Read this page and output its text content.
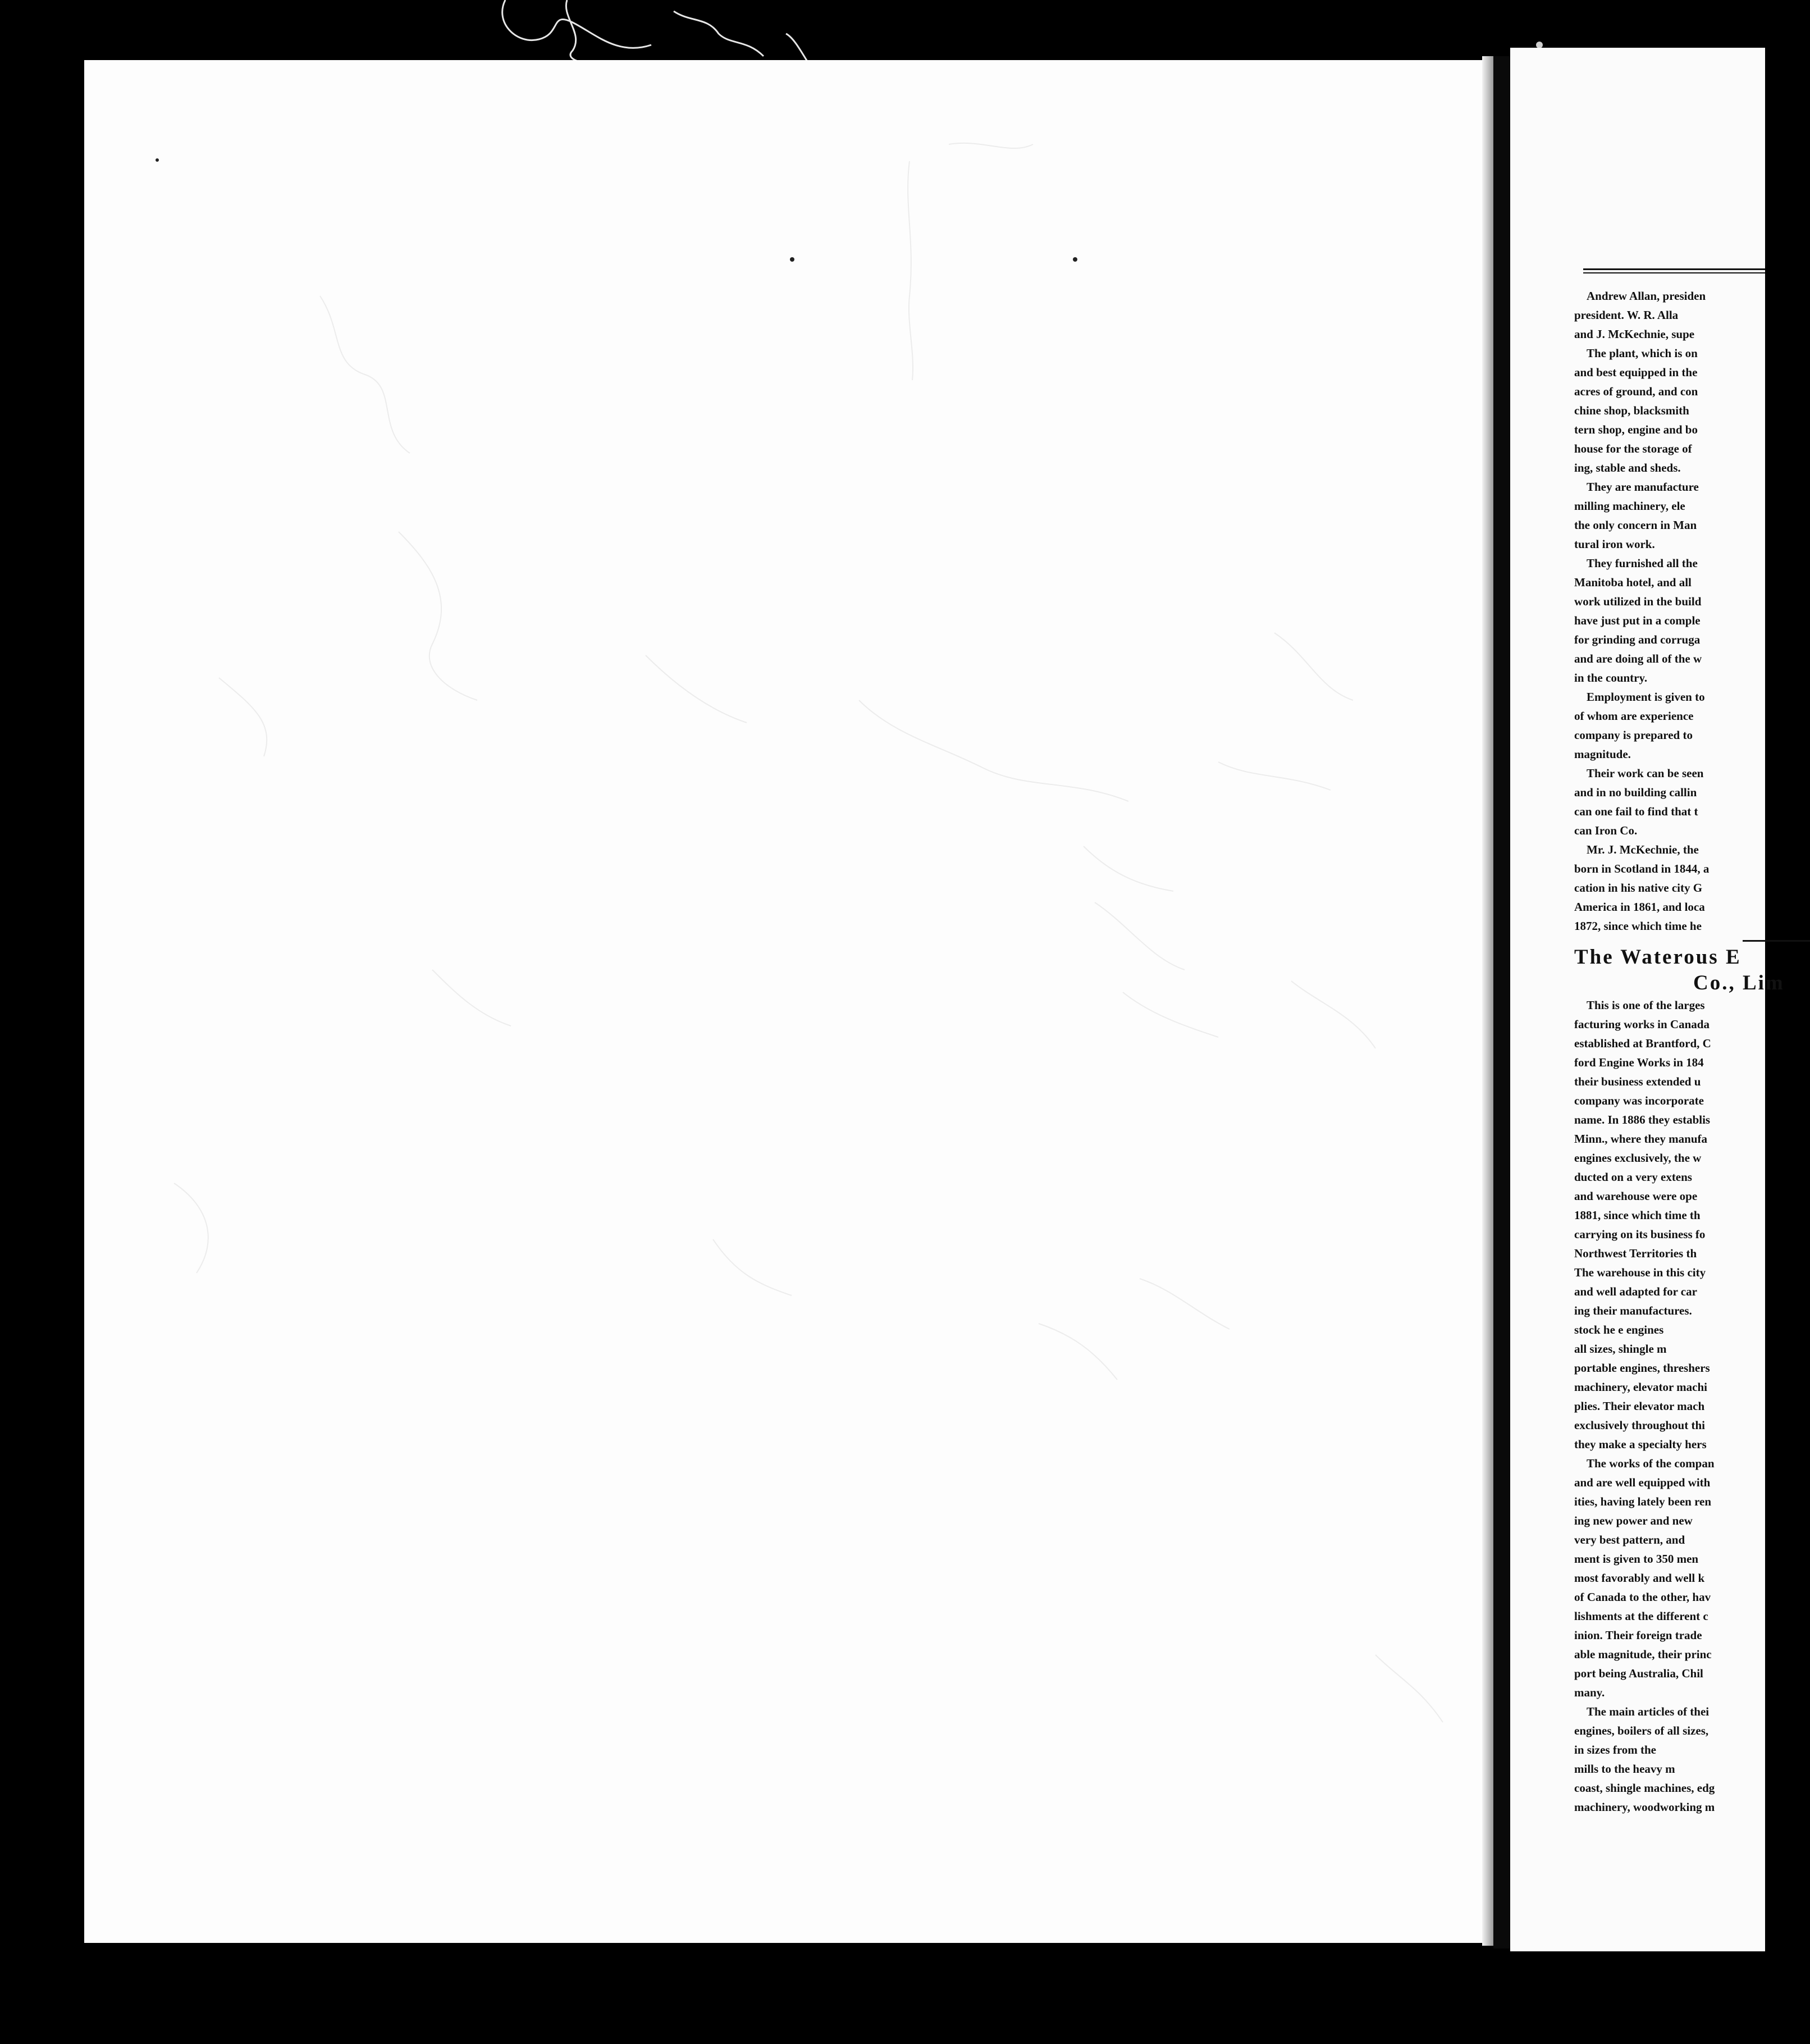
Andrew Allan, presiden
president. W. R. Alla
and J. McKechnie, supe

The plant, which is on
and best equipped in the
acres of ground, and con
chine shop, blacksmith
tern shop, engine and bo
house for the storage of
ing, stable and sheds.

They are manufacture
milling machinery, ele
the only concern in Man
tural iron work.

They furnished all the
Manitoba hotel, and all
work utilized in the build
have just put in a comple
for grinding and corruga
and are doing all of the w
in the country.

Employment is given to
of whom are experience
company is prepared to
magnitude.

Their work can be seen
and in no building callin
can one fail to find that t
can Iron Co.

Mr. J. McKechnie, the
born in Scotland in 1844, a
cation in his native city G
America in 1861, and loca
1872, since which time he

The Waterous E
Co., Lim

This is one of the larges
facturing works in Canada
established at Brantford, C
ford Engine Works in 184
their business extended u
company was incorporate
name. In 1886 they establis
Minn., where they manufa
engines exclusively, the w
ducted on a very extens
and warehouse were ope
1881, since which time th
carrying on its business fo
Northwest Territories th
The warehouse in this city
and well adapted for car
ing their manufactures.
stock he e engines
all sizes, shingle m
portable engines, threshers
machinery, elevator machi
plies. Their elevator mach
exclusively throughout thi
they make a specialty hers

The works of the compan
and are well equipped with
ities, having lately been ren
ing new power and new
very best pattern, and
ment is given to 350 men
most favorably and well k
of Canada to the other, hav
lishments at the different c
inion. Their foreign trade
able magnitude, their princ
port being Australia, Chil
many.

The main articles of thei
engines, boilers of all sizes,
in sizes from the
mills to the heavy m
coast, shingle machines, edg
machinery, woodworking m
